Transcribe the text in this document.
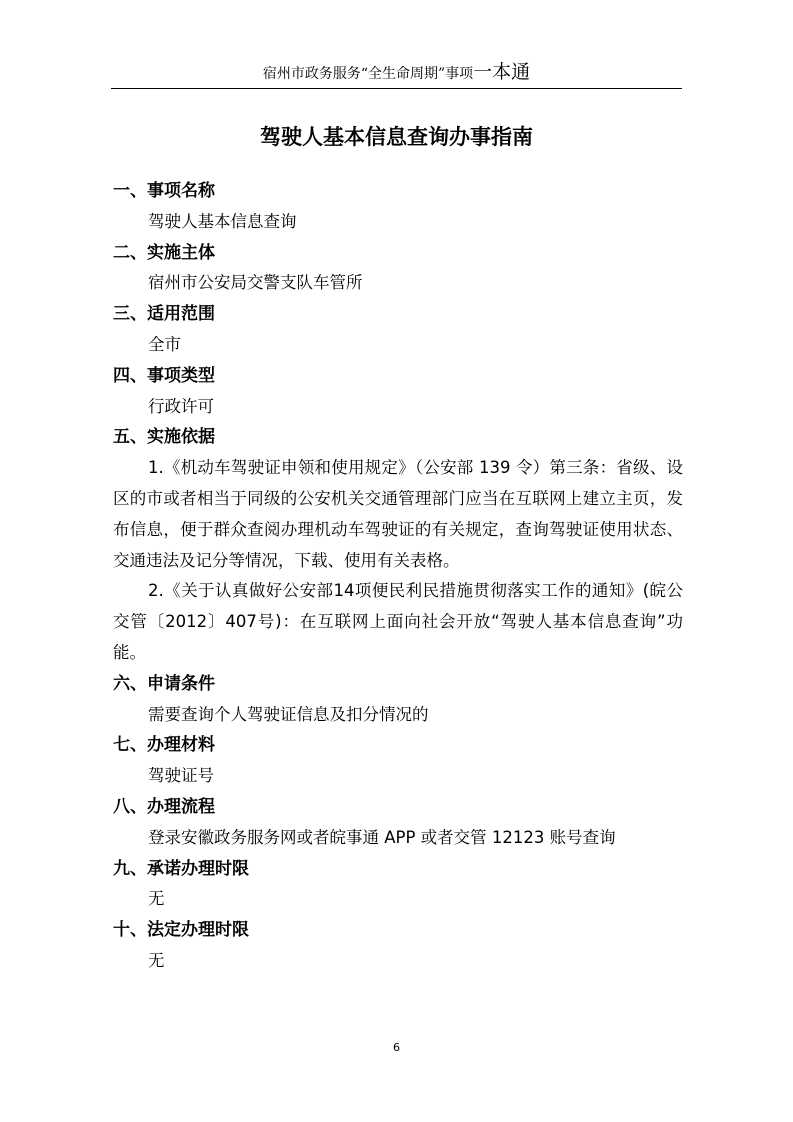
宿州市政务服务“全生命周期”事项一本通
驾驶人基本信息查询办事指南
一、事项名称
驾驶人基本信息查询
二、实施主体
宿州市公安局交警支队车管所
三、适用范围
全市
四、事项类型
行政许可
五、实施依据
1.《机动车驾驶证申领和使用规定》（公安部 139 令）第三条：省级、设区的市或者相当于同级的公安机关交通管理部门应当在互联网上建立主页，发布信息，便于群众查阅办理机动车驾驶证的有关规定，查询驾驶证使用状态、交通违法及记分等情况，下载、使用有关表格。
2.《关于认真做好公安部14项便民利民措施贯彻落实工作的通知》(皖公交管〔2012〕407号)：在互联网上面向社会开放“驾驶人基本信息查询”功能。
六、申请条件
需要查询个人驾驶证信息及扣分情况的
七、办理材料
驾驶证号
八、办理流程
登录安徽政务服务网或者皖事通 APP 或者交管 12123 账号查询
九、承诺办理时限
无
十、法定办理时限
无
6
